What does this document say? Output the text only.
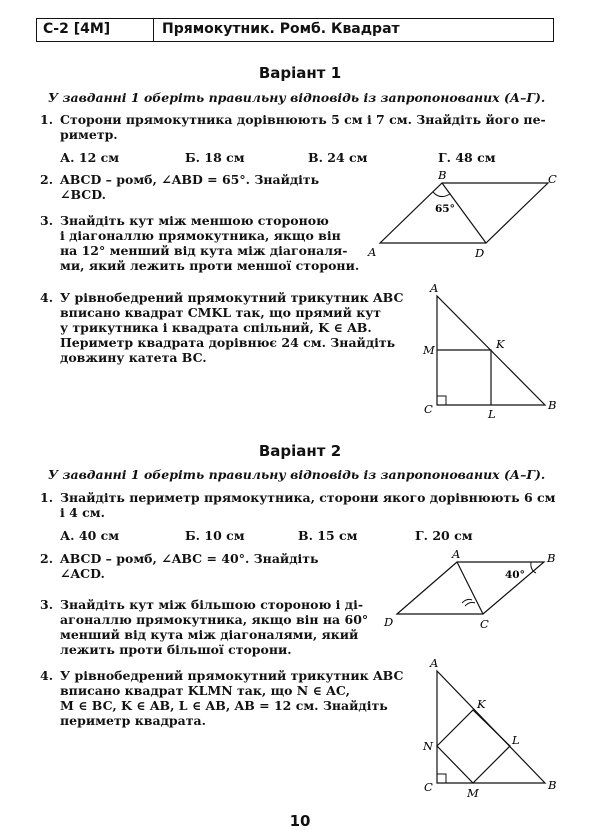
С-2 [4М]	Прямокутник. Ромб. Квадрат
Варіант 1
У завданні 1 оберіть правильну відповідь із запропонованих (А–Г).
1. Сторони прямокутника дорівнюють 5 см і 7 см. Знайдіть його пе-
риметр.
А. 12 см	Б. 18 см	В. 24 см	Г. 48 см
2. ABCD – ромб, ∠ABD = 65°. Знайдіть
∠BCD.
3. Знайдіть кут між меншою стороною
і діагоналлю прямокутника, якщо він
на 12° менший від кута між діагоналя-
ми, який лежить проти меншої сторони.
4. У рівнобедрений прямокутний трикутник ABC
вписано квадрат CMKL так, що прямий кут
у трикутника і квадрата спільний, K ∈ AB.
Периметр квадрата дорівнює 24 см. Знайдіть
довжину катета BC.
65°
A
B	C
D
A
B
C
M	K
L
Варіант 2
У завданні 1 оберіть правильну відповідь із запропонованих (А–Г).
1. Знайдіть периметр прямокутника, сторони якого дорівнюють 6 см
і 4 см.
А. 40 см	Б. 10 см	В. 15 см	Г. 20 см
2. ABCD – ромб, ∠ABC = 40°. Знайдіть
∠ACD.
3. Знайдіть кут між більшою стороною і ді-
агоналлю прямокутника, якщо він на 60°
менший від кута між діагоналями, який
лежить проти більшої сторони.
4. У рівнобедрений прямокутний трикутник ABC
вписано квадрат KLMN так, що N ∈ AC,
M ∈ BC, K ∈ AB, L ∈ AB, AB = 12 см. Знайдіть
периметр квадрата.
40°
A	B
C
D
A
B
C
N
K
L
M
10
